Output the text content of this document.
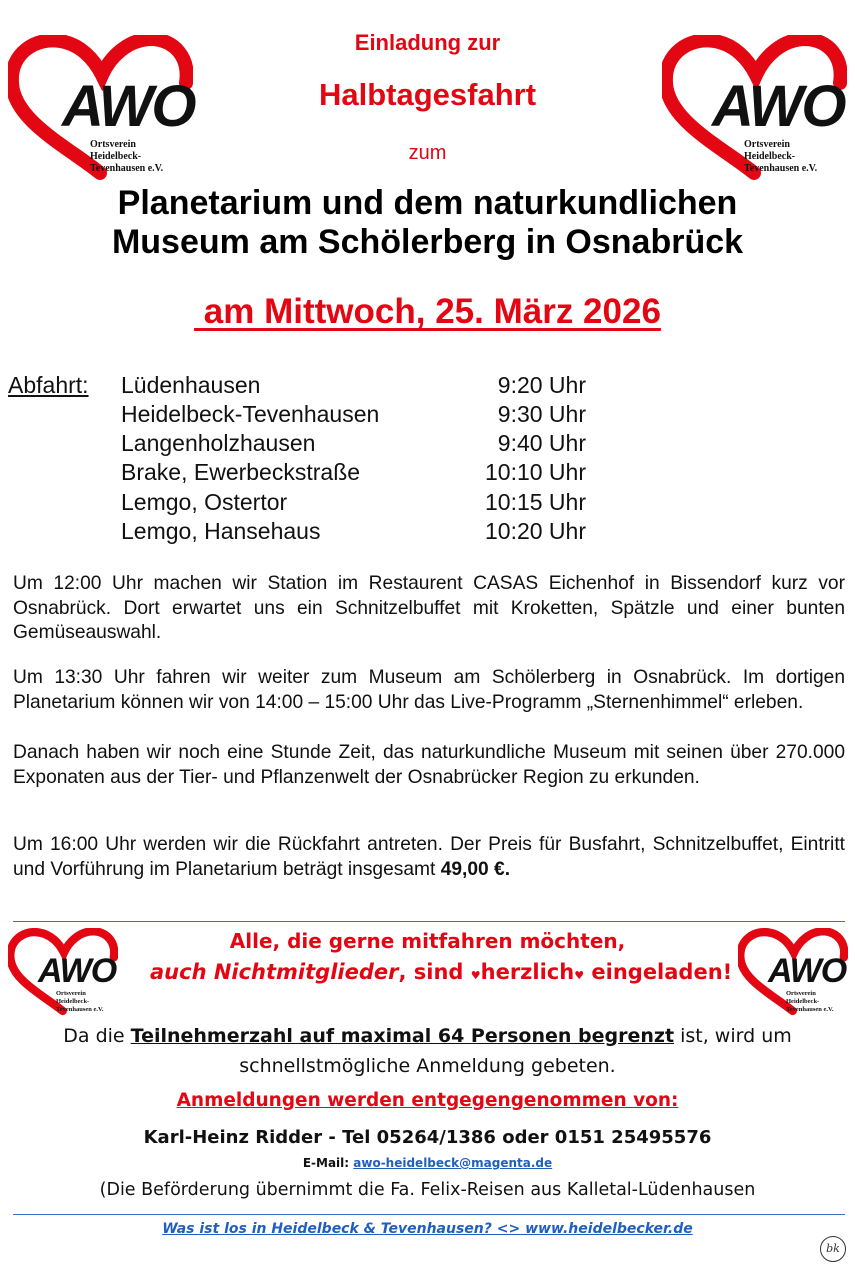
AWO
Ortsverein
Heidelbeck-
Tevenhausen e.V.
AWO
Ortsverein
Heidelbeck-
Tevenhausen e.V.
Einladung zur
Halbtagesfahrt
zum
Planetarium und dem naturkundlichen
Museum am Schölerberg in Osnabrück
am Mittwoch, 25. März 2026
Abfahrt: Lüdenhausen	9:20 Uhr
Heidelbeck-Tevenhausen	9:30 Uhr
Langenholzhausen	9:40 Uhr
Brake, Ewerbeckstraße	10:10 Uhr
Lemgo, Ostertor	10:15 Uhr
Lemgo, Hansehaus	10:20 Uhr
Um 12:00 Uhr machen wir Station im Restaurent CASAS Eichenhof in Bissendorf kurz vor Osnabrück. Dort erwartet uns ein Schnitzelbuffet mit Kroketten, Spätzle und einer bunten Gemüseauswahl.
Um 13:30 Uhr fahren wir weiter zum Museum am Schölerberg in Osnabrück. Im dortigen Planetarium können wir von 14:00 – 15:00 Uhr das Live-Programm „Sternenhimmel“ erleben.
Danach haben wir noch eine Stunde Zeit, das naturkundliche Museum mit seinen über 270.000 Exponaten aus der Tier- und Pflanzenwelt der Osnabrücker Region zu erkunden.
Um 16:00 Uhr werden wir die Rückfahrt antreten. Der Preis für Busfahrt, Schnitzelbuffet, Eintritt und Vorführung im Planetarium beträgt insgesamt 49,00 €.
AWO
Ortsverein
Heidelbeck-
Tevenhausen e.V.
AWO
Ortsverein
Heidelbeck-
Tevenhausen e.V.
Alle, die gerne mitfahren möchten,
auch Nichtmitglieder, sind ♥herzlich♥ eingeladen!
Da die Teilnehmerzahl auf maximal 64 Personen begrenzt ist, wird um
schnellstmögliche Anmeldung gebeten.
Anmeldungen werden entgegengenommen von:
Karl-Heinz Ridder - Tel 05264/1386 oder 0151 25495576
E-Mail: awo-heidelbeck@magenta.de
(Die Beförderung übernimmt die Fa. Felix-Reisen aus Kalletal-Lüdenhausen
Was ist los in Heidelbeck & Tevenhausen? <> www.heidelbecker.de
bk
